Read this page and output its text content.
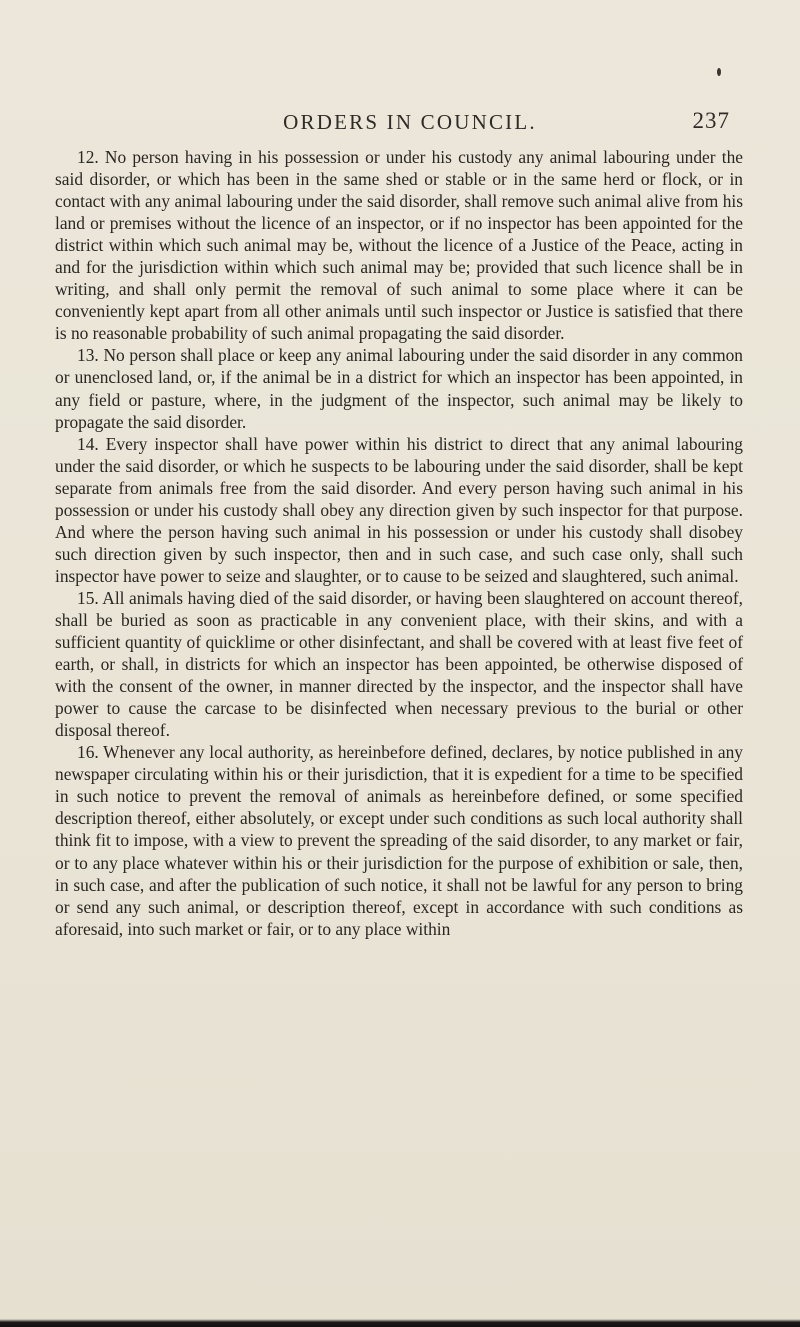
ORDERS IN COUNCIL.	237

12. No person having in his possession or under his custody any animal labouring under the said disorder, or which has been in the same shed or stable or in the same herd or flock, or in contact with any animal labouring under the said disorder, shall remove such animal alive from his land or premises without the licence of an inspector, or if no inspector has been appointed for the district within which such animal may be, without the licence of a Justice of the Peace, acting in and for the jurisdiction within which such animal may be; provided that such licence shall be in writing, and shall only permit the removal of such animal to some place where it can be conveniently kept apart from all other animals until such inspector or Justice is satisfied that there is no reasonable probability of such animal propagating the said disorder.

13. No person shall place or keep any animal labouring under the said disorder in any common or unenclosed land, or, if the animal be in a district for which an inspector has been appointed, in any field or pasture, where, in the judgment of the inspector, such animal may be likely to propagate the said disorder.

14. Every inspector shall have power within his district to direct that any animal labouring under the said disorder, or which he suspects to be labouring under the said disorder, shall be kept separate from animals free from the said disorder. And every person having such animal in his possession or under his custody shall obey any direction given by such inspector for that purpose. And where the person having such animal in his possession or under his custody shall disobey such direction given by such inspector, then and in such case, and such case only, shall such inspector have power to seize and slaughter, or to cause to be seized and slaughtered, such animal.

15. All animals having died of the said disorder, or having been slaughtered on account thereof, shall be buried as soon as practicable in any convenient place, with their skins, and with a sufficient quantity of quicklime or other disinfectant, and shall be covered with at least five feet of earth, or shall, in districts for which an inspector has been appointed, be otherwise disposed of with the consent of the owner, in manner directed by the inspector, and the inspector shall have power to cause the carcase to be disinfected when necessary previous to the burial or other disposal thereof.

16. Whenever any local authority, as hereinbefore defined, declares, by notice published in any newspaper circulating within his or their jurisdiction, that it is expedient for a time to be specified in such notice to prevent the removal of animals as hereinbefore defined, or some specified description thereof, either absolutely, or except under such conditions as such local authority shall think fit to impose, with a view to prevent the spreading of the said disorder, to any market or fair, or to any place whatever within his or their jurisdiction for the purpose of exhibition or sale, then, in such case, and after the publication of such notice, it shall not be lawful for any person to bring or send any such animal, or description thereof, except in accordance with such conditions as aforesaid, into such market or fair, or to any place within
